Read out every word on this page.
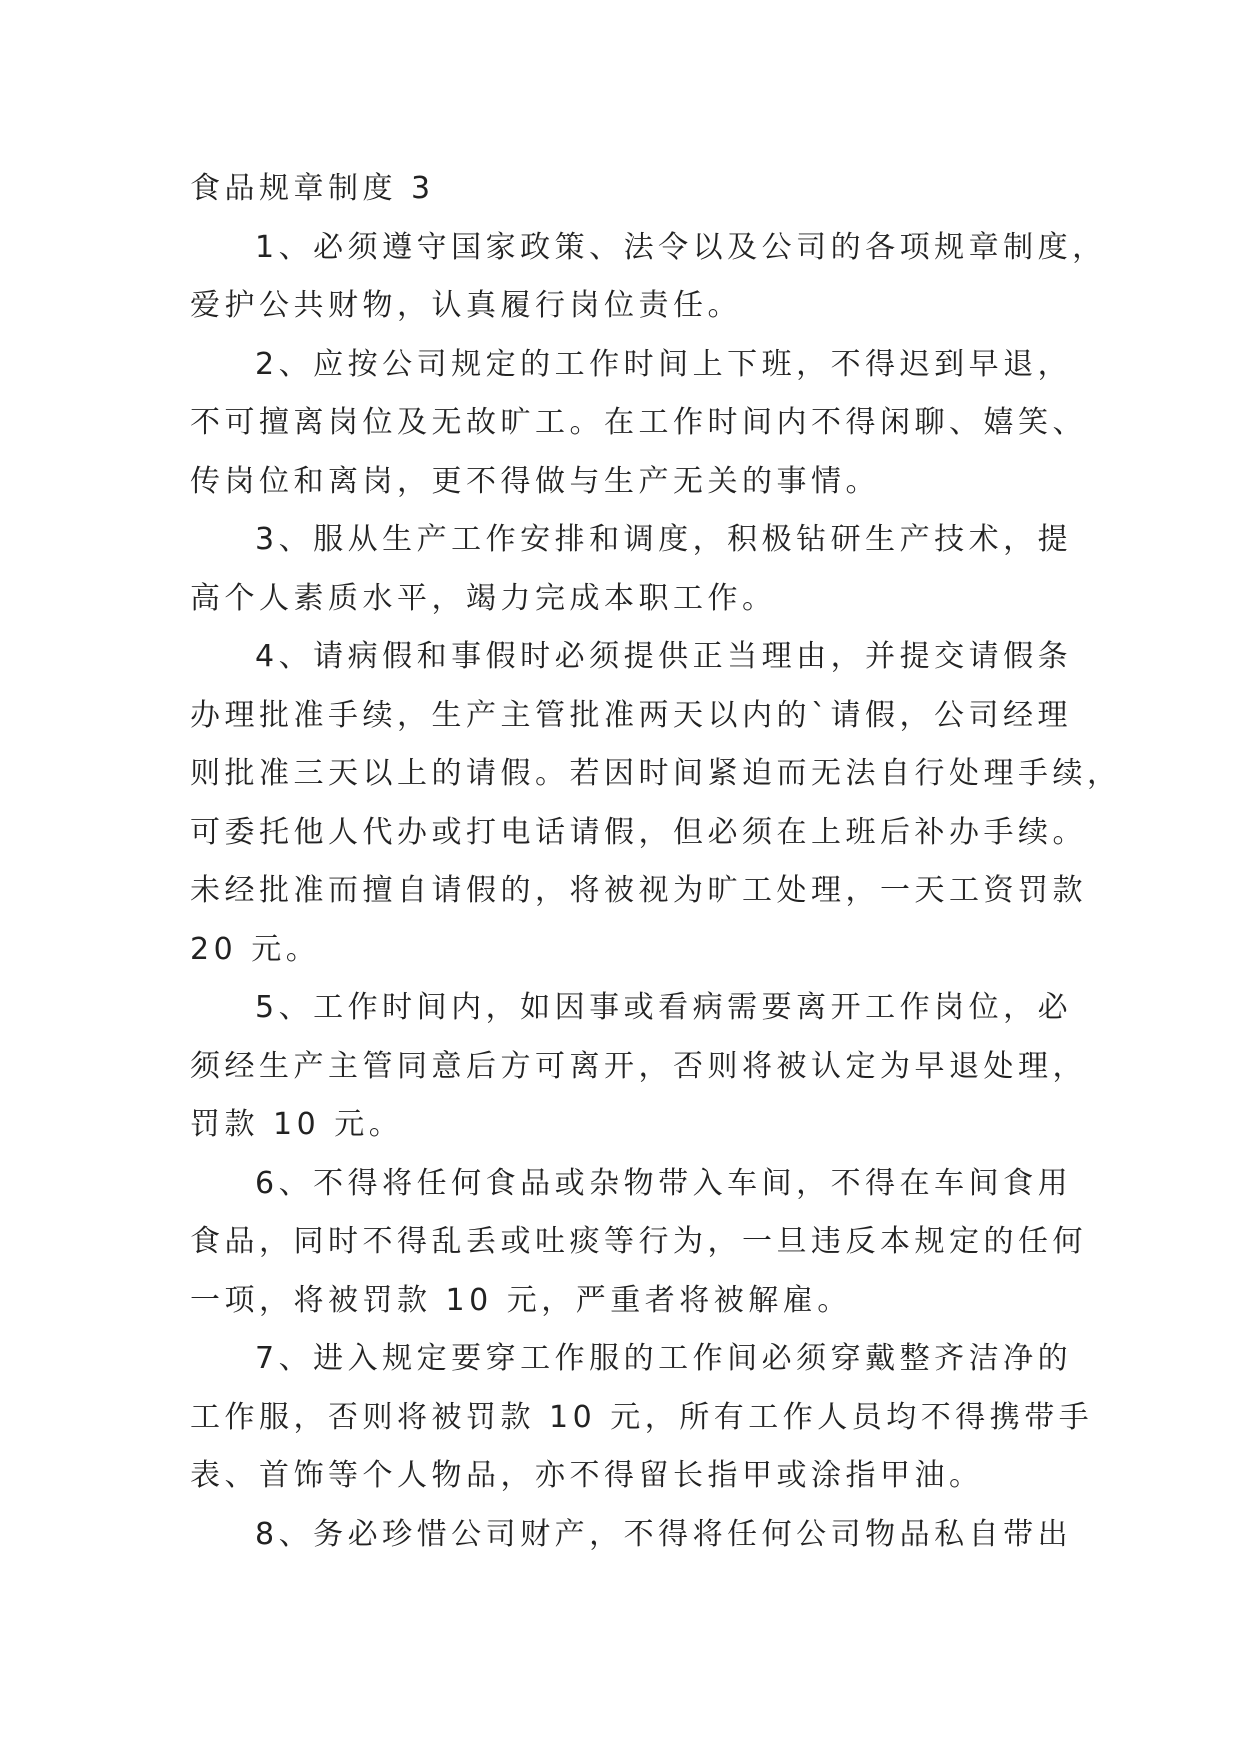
食品规章制度 3
1、必须遵守国家政策、法令以及公司的各项规章制度，
爱护公共财物，认真履行岗位责任。
2、应按公司规定的工作时间上下班，不得迟到早退，
不可擅离岗位及无故旷工。在工作时间内不得闲聊、嬉笑、
传岗位和离岗，更不得做与生产无关的事情。
3、服从生产工作安排和调度，积极钻研生产技术，提
高个人素质水平，竭力完成本职工作。
4、请病假和事假时必须提供正当理由，并提交请假条
办理批准手续，生产主管批准两天以内的`请假，公司经理
则批准三天以上的请假。若因时间紧迫而无法自行处理手续，
可委托他人代办或打电话请假，但必须在上班后补办手续。
未经批准而擅自请假的，将被视为旷工处理，一天工资罚款
20 元。
5、工作时间内，如因事或看病需要离开工作岗位，必
须经生产主管同意后方可离开，否则将被认定为早退处理，
罚款 10 元。
6、不得将任何食品或杂物带入车间，不得在车间食用
食品，同时不得乱丢或吐痰等行为，一旦违反本规定的任何
一项，将被罚款 10 元，严重者将被解雇。
7、进入规定要穿工作服的工作间必须穿戴整齐洁净的
工作服，否则将被罚款 10 元，所有工作人员均不得携带手
表、首饰等个人物品，亦不得留长指甲或涂指甲油。
8、务必珍惜公司财产，不得将任何公司物品私自带出
